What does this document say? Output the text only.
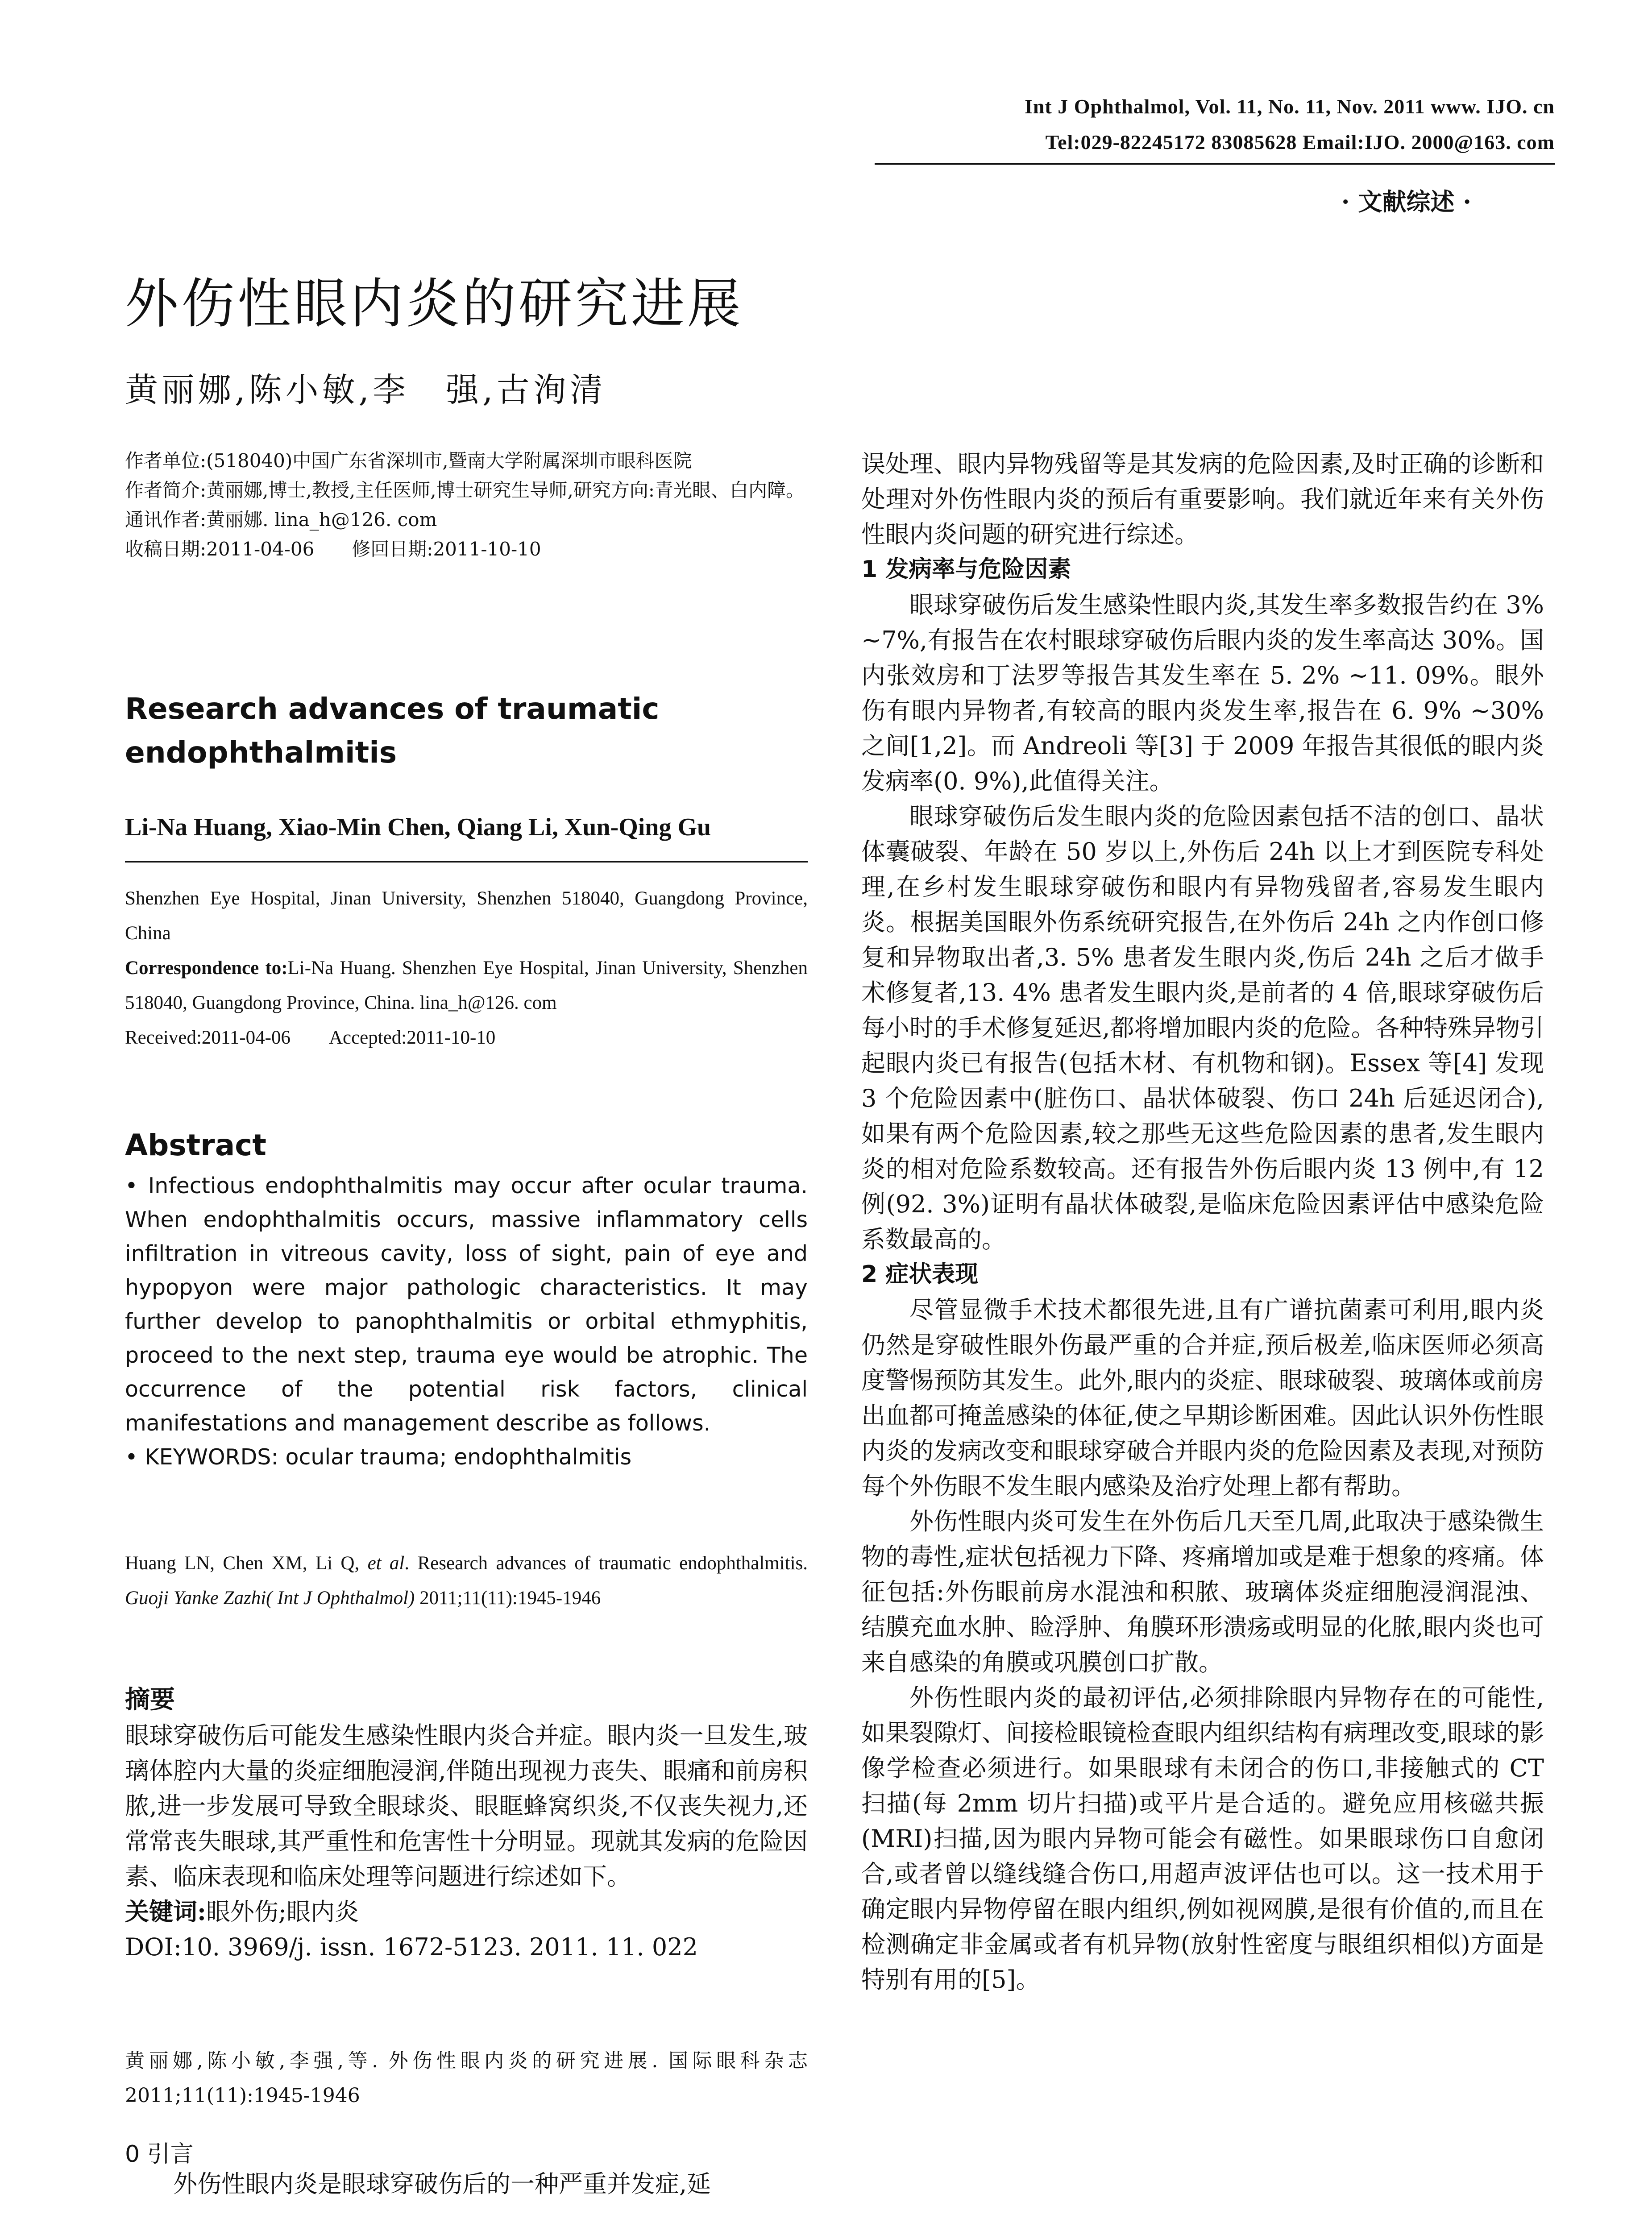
Int J Ophthalmol, Vol. 11, No. 11, Nov. 2011 www. IJO. cn
Tel:029-82245172 83085628 Email:IJO. 2000@163. com
· 文献综述 ·
外伤性眼内炎的研究进展
黄丽娜,陈小敏,李　强,古洵清

作者单位:(518040)中国广东省深圳市,暨南大学附属深圳市眼科医院

作者简介:黄丽娜,博士,教授,主任医师,博士研究生导师,研究方向:青光眼、白内障。

通讯作者:黄丽娜. lina_h@126. com

收稿日期:2011-04-06　　修回日期:2011-10-10

Research advances of traumatic endophthalmitis
Li-Na Huang, Xiao-Min Chen, Qiang Li, Xun-Qing Gu

Shenzhen Eye Hospital, Jinan University, Shenzhen 518040, Guangdong Province, China

Correspondence to:Li-Na Huang. Shenzhen Eye Hospital, Jinan University, Shenzhen 518040, Guangdong Province, China. lina_h@126. com

Received:2011-04-06　　Accepted:2011-10-10

Abstract

• Infectious endophthalmitis may occur after ocular trauma. When endophthalmitis occurs, massive inflammatory cells infiltration in vitreous cavity, loss of sight, pain of eye and hypopyon were major pathologic characteristics. It may further develop to panophthalmitis or orbital ethmyphitis, proceed to the next step, trauma eye would be atrophic. The occurrence of the potential risk factors, clinical manifestations and management describe as follows.

• KEYWORDS: ocular trauma; endophthalmitis

Huang LN, Chen XM, Li Q, et al. Research advances of traumatic endophthalmitis. Guoji Yanke Zazhi( Int J Ophthalmol) 2011;11(11):1945-1946

摘要

眼球穿破伤后可能发生感染性眼内炎合并症。眼内炎一旦发生,玻璃体腔内大量的炎症细胞浸润,伴随出现视力丧失、眼痛和前房积脓,进一步发展可导致全眼球炎、眼眶蜂窝织炎,不仅丧失视力,还常常丧失眼球,其严重性和危害性十分明显。现就其发病的危险因素、临床表现和临床处理等问题进行综述如下。

关键词:眼外伤;眼内炎

DOI:10. 3969/j. issn. 1672-5123. 2011. 11. 022

黄丽娜,陈小敏,李强,等. 外伤性眼内炎的研究进展. 国际眼科杂志 2011;11(11):1945-1946

0 引言
外伤性眼内炎是眼球穿破伤后的一种严重并发症,延

误处理、眼内异物残留等是其发病的危险因素,及时正确的诊断和处理对外伤性眼内炎的预后有重要影响。我们就近年来有关外伤性眼内炎问题的研究进行综述。

1 发病率与危险因素

眼球穿破伤后发生感染性眼内炎,其发生率多数报告约在 3% ~7%,有报告在农村眼球穿破伤后眼内炎的发生率高达 30%。国内张效房和丁法罗等报告其发生率在 5. 2% ~11. 09%。眼外伤有眼内异物者,有较高的眼内炎发生率,报告在 6. 9% ~30% 之间[1,2]。而 Andreoli 等[3] 于 2009 年报告其很低的眼内炎发病率(0. 9%),此值得关注。

眼球穿破伤后发生眼内炎的危险因素包括不洁的创口、晶状体囊破裂、年龄在 50 岁以上,外伤后 24h 以上才到医院专科处理,在乡村发生眼球穿破伤和眼内有异物残留者,容易发生眼内炎。根据美国眼外伤系统研究报告,在外伤后 24h 之内作创口修复和异物取出者,3. 5% 患者发生眼内炎,伤后 24h 之后才做手术修复者,13. 4% 患者发生眼内炎,是前者的 4 倍,眼球穿破伤后每小时的手术修复延迟,都将增加眼内炎的危险。各种特殊异物引起眼内炎已有报告(包括木材、有机物和钢)。Essex 等[4] 发现 3 个危险因素中(脏伤口、晶状体破裂、伤口 24h 后延迟闭合),如果有两个危险因素,较之那些无这些危险因素的患者,发生眼内炎的相对危险系数较高。还有报告外伤后眼内炎 13 例中,有 12 例(92. 3%)证明有晶状体破裂,是临床危险因素评估中感染危险系数最高的。

2 症状表现

尽管显微手术技术都很先进,且有广谱抗菌素可利用,眼内炎仍然是穿破性眼外伤最严重的合并症,预后极差,临床医师必须高度警惕预防其发生。此外,眼内的炎症、眼球破裂、玻璃体或前房出血都可掩盖感染的体征,使之早期诊断困难。因此认识外伤性眼内炎的发病改变和眼球穿破合并眼内炎的危险因素及表现,对预防每个外伤眼不发生眼内感染及治疗处理上都有帮助。

外伤性眼内炎可发生在外伤后几天至几周,此取决于感染微生物的毒性,症状包括视力下降、疼痛增加或是难于想象的疼痛。体征包括:外伤眼前房水混浊和积脓、玻璃体炎症细胞浸润混浊、结膜充血水肿、睑浮肿、角膜环形溃疡或明显的化脓,眼内炎也可来自感染的角膜或巩膜创口扩散。

外伤性眼内炎的最初评估,必须排除眼内异物存在的可能性,如果裂隙灯、间接检眼镜检查眼内组织结构有病理改变,眼球的影像学检查必须进行。如果眼球有未闭合的伤口,非接触式的 CT 扫描(每 2mm 切片扫描)或平片是合适的。避免应用核磁共振(MRI)扫描,因为眼内异物可能会有磁性。如果眼球伤口自愈闭合,或者曾以缝线缝合伤口,用超声波评估也可以。这一技术用于确定眼内异物停留在眼内组织,例如视网膜,是很有价值的,而且在检测确定非金属或者有机异物(放射性密度与眼组织相似)方面是特别有用的[5]。
